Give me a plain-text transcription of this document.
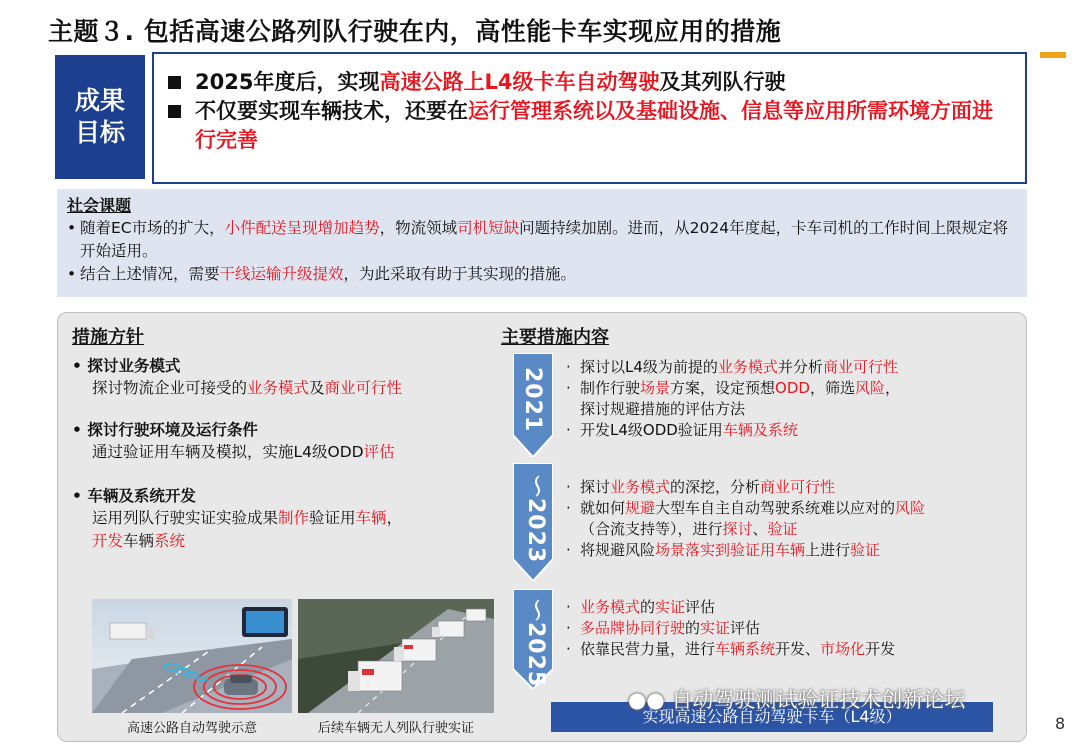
主题３. 包括高速公路列队行驶在内，高性能卡车实现应用的措施
成果
目标
2025年度后，实现高速公路上L4级卡车自动驾驶及其列队行驶
不仅要实现车辆技术，还要在运行管理系统以及基础设施、信息等应用所需环境方面进行完善
社会课题
• 随着EC市场的扩大，小件配送呈现增加趋势，物流领域司机短缺问题持续加剧。进而，从2024年度起，卡车司机的工作时间上限规定将开始适用。
• 结合上述情况，需要干线运输升级提效，为此采取有助于其实现的措施。
措施方针
• 探讨业务模式
探讨物流企业可接受的业务模式及商业可行性
• 探讨行驶环境及运行条件
通过验证用车辆及模拟，实施L4级ODD评估
• 车辆及系统开发
运用列队行驶实证实验成果制作验证用车辆，
开发车辆系统
高速公路自动驾驶示意	后续车辆无人列队行驶实证
主要措施内容
2021
～2023
～2025
· 探讨以L4级为前提的业务模式并分析商业可行性
· 制作行驶场景方案，设定预想ODD，筛选风险，
探讨规避措施的评估方法
· 开发L4级ODD验证用车辆及系统
· 探讨业务模式的深挖，分析商业可行性
· 就如何规避大型车自主自动驾驶系统难以应对的风险
（合流支持等），进行探讨、验证
· 将规避风险场景落实到验证用车辆上进行验证
· 业务模式的实证评估
· 多品牌协同行驶的实证评估
· 依靠民营力量，进行车辆系统开发、市场化开发
实现高速公路自动驾驶卡车（L4级）
●● 自动驾驶测试验证技术创新论坛
8
